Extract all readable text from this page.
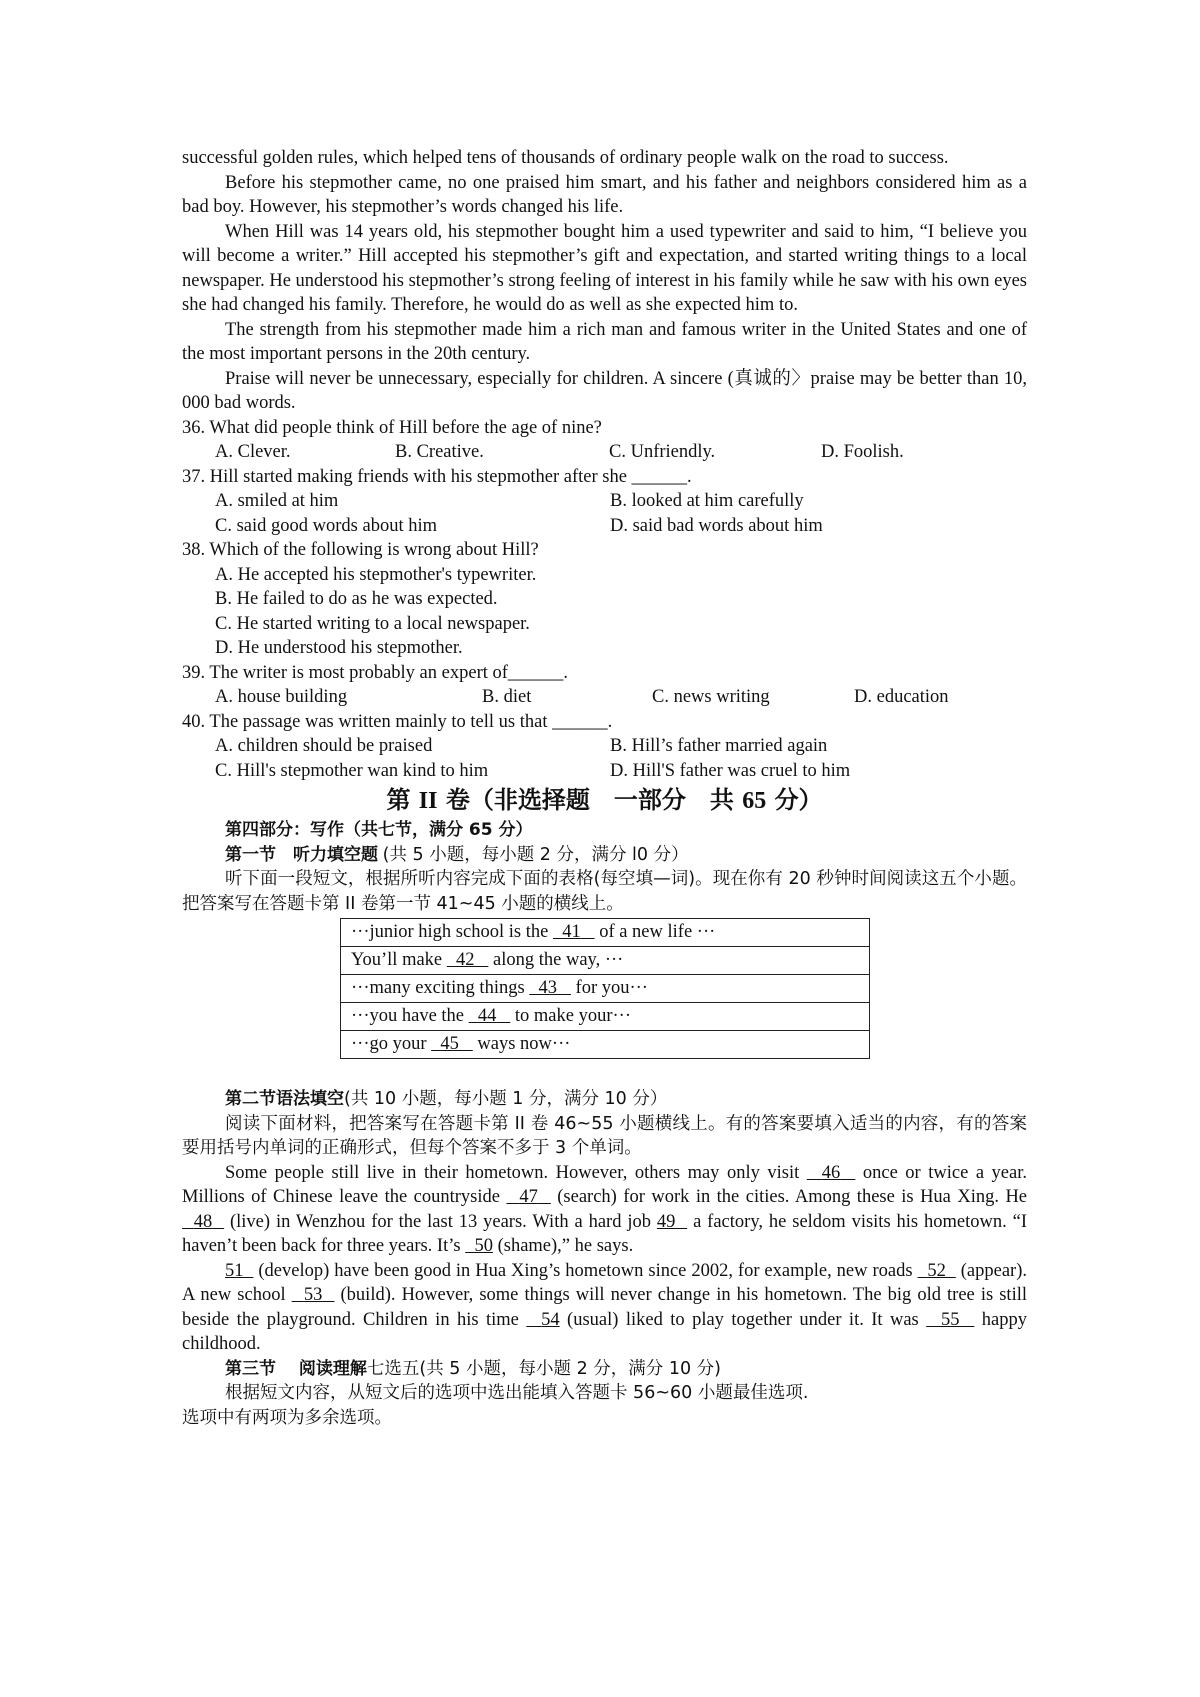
successful golden rules, which helped tens of thousands of ordinary people walk on the road to success.

Before his stepmother came, no one praised him smart, and his father and neighbors considered him as a bad boy. However, his stepmother’s words changed his life.

When Hill was 14 years old, his stepmother bought him a used typewriter and said to him, “I believe you will become a writer.” Hill accepted his stepmother’s gift and expectation, and started writing things to a local newspaper. He understood his stepmother’s strong feeling of interest in his family while he saw with his own eyes she had changed his family. Therefore, he would do as well as she expected him to.

The strength from his stepmother made him a rich man and famous writer in the United States and one of the most important persons in the 20th century.

Praise will never be unnecessary, especially for children. A sincere (真诚的〉praise may be better than 10, 000 bad words.

36. What did people think of Hill before the age of nine?

A. Clever.	B. Creative.	C. Unfriendly.	D. Foolish.

37. Hill started making friends with his stepmother after she ______.

A. smiled at him	B. looked at him carefully
C. said good words about him	D. said bad words about him

38. Which of the following is wrong about Hill?

A. He accepted his stepmother's typewriter.

B. He failed to do as he was expected.

C. He started writing to a local newspaper.

D. He understood his stepmother.

39. The writer is most probably an expert of______.

A. house building	B. diet	C. news writing	D. education

40. The passage was written mainly to tell us that ______.

A. children should be praised	B. Hill’s father married again
C. Hill's stepmother wan kind to him	D. Hill'S father was cruel to him
第 II 卷（非选择题　一部分　共 65 分）

第四部分：写作（共七节，满分 65 分）

第一节　听力填空题 (共 5 小题，每小题 2 分，满分 l0 分）

听下面一段短文，根据所听内容完成下面的表格(每空填—词)。现在你有 20 秒钟时间阅读这五个小题。把答案写在答题卡第 II 卷第一节 41~45 小题的横线上。

···junior high school is the   41    of a new life ···
You’ll make   42    along the way, ···
···many exciting things   43    for you···
···you have the   44    to make your···
···go your   45    ways now···

第二节语法填空(共 10 小题，每小题 1 分，满分 10 分）

阅读下面材料，把答案写在答题卡第 II 卷 46~55 小题横线上。有的答案要填入适当的内容，有的答案要用括号内单词的正确形式，但每个答案不多于 3 个单词。

Some people still live in their hometown. However, others may only visit   46   once or twice a year. Millions of Chinese leave the countryside   47   (search) for work in the cities. Among these is Hua Xing. He   48   (live) in Wenzhou for the last 13 years. With a hard job 49   a factory, he seldom visits his hometown. “I haven’t been back for three years. It’s   50 (shame),” he says.

51   (develop) have been good in Hua Xing’s hometown since 2002, for example, new roads   52   (appear). A new school   53   (build). However, some things will never change in his hometown. The big old tree is still beside the playground. Children in his time   54 (usual) liked to play together under it. It was   55   happy childhood.

第三节　 阅读理解七选五(共 5 小题，每小题 2 分，满分 10 分)

根据短文内容，从短文后的选项中选出能填入答题卡 56~60 小题最佳选项.

选项中有两项为多余选项。
